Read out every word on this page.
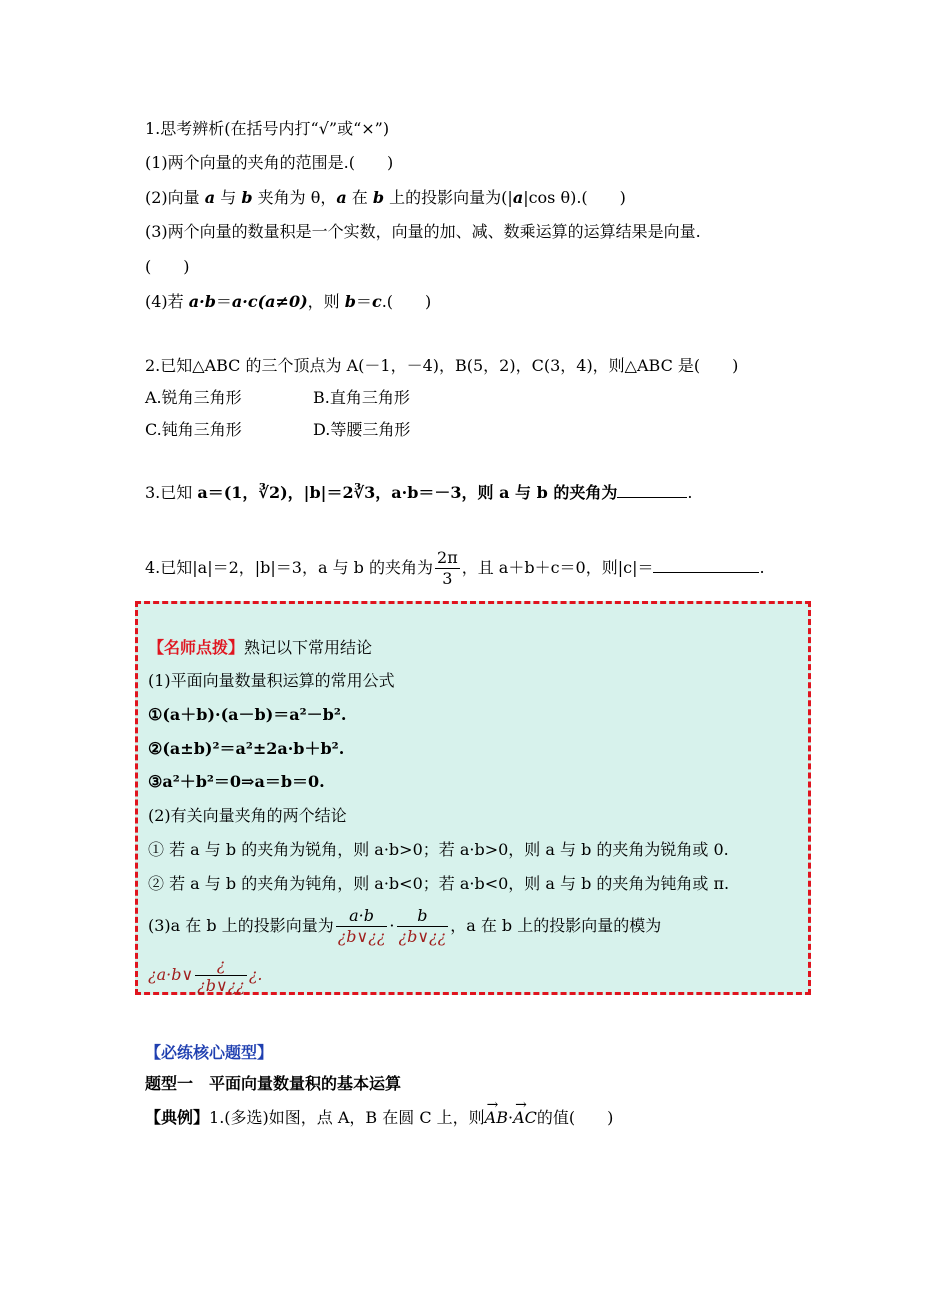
1.思考辨析(在括号内打“√”或“×”)
(1)两个向量的夹角的范围是.(　　)
(2)向量 a 与 b 夹角为 θ，a 在 b 上的投影向量为(|a|cos θ).(　　)
(3)两个向量的数量积是一个实数，向量的加、减、数乘运算的运算结果是向量.
(　　)
(4)若 a·b＝a·c(a≠0)，则 b＝c.(　　)
2.已知△ABC 的三个顶点为 A(－1，－4)，B(5，2)，C(3，4)，则△ABC 是(　　)
A.锐角三角形	B.直角三角形
C.钝角三角形	D.等腰三角形
3.已知 a＝(1，∛2)，|b|＝2∛3，a·b＝－3，则 a 与 b 的夹角为	.
4.已知|a|＝2，|b|＝3，a 与 b 的夹角为 $\frac{2\pi}{3}$ ，且 a＋b＋c＝0，则|c|＝	.
【名师点拨】熟记以下常用结论
(1)平面向量数量积运算的常用公式
①(a＋b)·(a－b)＝a²－b².
②(a±b)²＝a²±2a·b＋b².
③a²＋b²＝0⇒a＝b＝0.
(2)有关向量夹角的两个结论
① 若 a 与 b 的夹角为锐角，则 a·b>0；若 a·b>0，则 a 与 b 的夹角为锐角或 0.
② 若 a 与 b 的夹角为钝角，则 a·b<0；若 a·b<0，则 a 与 b 的夹角为钝角或 π.
(3)a 在 b 上的投影向量为 $\frac{a\cdot b}{¿b\vee¿¿} \cdot \frac{b}{¿b\vee¿¿}$ ，a 在 b 上的投影向量的模为
¿a·b∨ $\frac{¿}{¿b\vee¿¿}$ ¿.
【必练核心题型】
题型一　平面向量数量积的基本运算
【典例】1.(多选)如图，点 A，B 在圆 C 上，则→ AB·→ AC的值(　　)
